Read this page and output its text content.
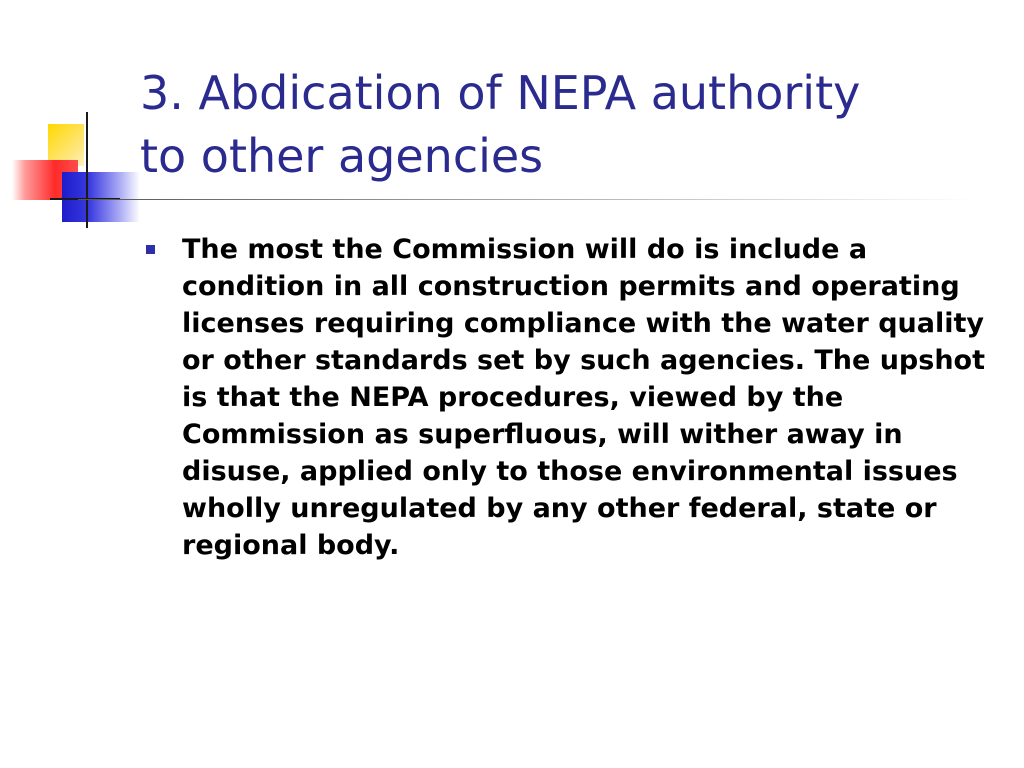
3. Abdication of NEPA authority
to other agencies

The most the Commission will do is include a condition in all construction permits and operating licenses requiring compliance with the water quality or other standards set by such agencies. The upshot is that the NEPA procedures, viewed by the Commission as superfluous, will wither away in disuse, applied only to those environmental issues wholly unregulated by any other federal, state or regional body.
